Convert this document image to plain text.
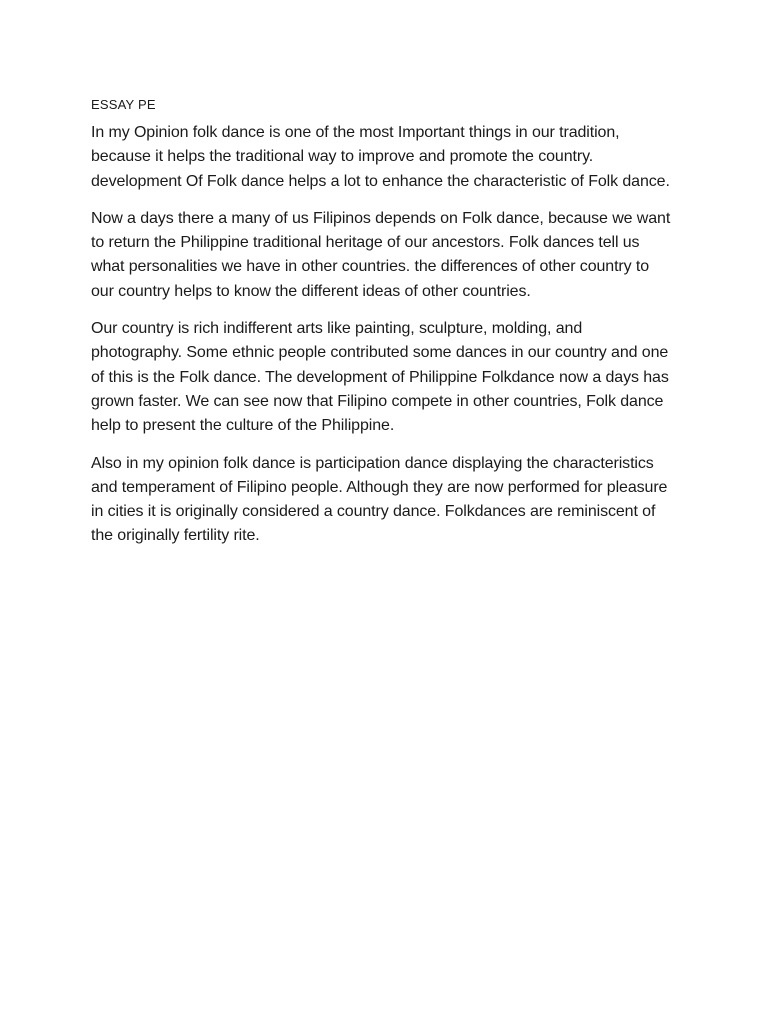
ESSAY PE

In my Opinion folk dance is one of the most Important things in our tradition, because it helps the traditional way to improve and promote the country. development Of Folk dance helps a lot to enhance the characteristic of Folk dance.

Now a days there a many of us Filipinos depends on Folk dance, because we want to return the Philippine traditional heritage of our ancestors. Folk dances tell us what personalities we have in other countries. the differences of other country to our country helps to know the different ideas of other countries.

Our country is rich indifferent arts like painting, sculpture, molding, and photography. Some ethnic people contributed some dances in our country and one of this is the Folk dance. The development of Philippine Folkdance now a days has grown faster. We can see now that Filipino compete in other countries, Folk dance help to present the culture of the Philippine.

Also in my opinion folk dance is participation dance displaying the characteristics and temperament of Filipino people. Although they are now performed for pleasure in cities it is originally considered a country dance. Folkdances are reminiscent of the originally fertility rite.
